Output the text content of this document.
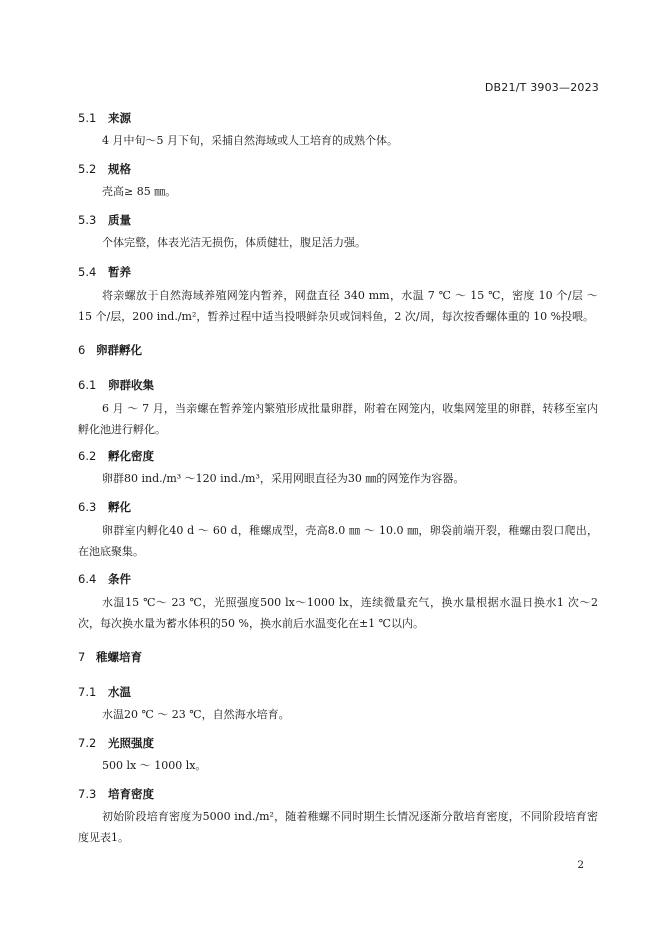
DB21/T 3903—2023
5.1 来源
4 月中旬～5 月下旬，采捕自然海域或人工培育的成熟个体。
5.2 规格
壳高≥ 85 ㎜。
5.3 质量
个体完整，体表光洁无损伤，体质健壮，腹足活力强。
5.4 暂养
将亲螺放于自然海域养殖网笼内暂养，网盘直径 340 mm，水温 7 ℃ ～ 15 ℃，密度 10 个/层 ～ 15 个/层，200 ind./m²，暂养过程中适当投喂鲜杂贝或饲料鱼，2 次/周，每次按香螺体重的 10 %投喂。
6 卵群孵化
6.1 卵群收集
6 月 ～ 7 月，当亲螺在暂养笼内繁殖形成批量卵群，附着在网笼内，收集网笼里的卵群，转移至室内孵化池进行孵化。
6.2 孵化密度
卵群80 ind./m³ ～120 ind./m³，采用网眼直径为30 ㎜的网笼作为容器。
6.3 孵化
卵群室内孵化40 d ～ 60 d，稚螺成型，壳高8.0 ㎜ ～ 10.0 ㎜，卵袋前端开裂，稚螺由裂口爬出，在池底聚集。
6.4 条件
水温15 ℃～ 23 ℃，光照强度500 lx～1000 lx，连续微量充气，换水量根据水温日换水1 次～2 次，每次换水量为蓄水体积的50 %，换水前后水温变化在±1 ℃以内。
7 稚螺培育
7.1 水温
水温20 ℃ ～ 23 ℃，自然海水培育。
7.2 光照强度
500 lx ～ 1000 lx。
7.3 培育密度
初始阶段培育密度为5000 ind./m²，随着稚螺不同时期生长情况逐渐分散培育密度，不同阶段培育密度见表1。
2
